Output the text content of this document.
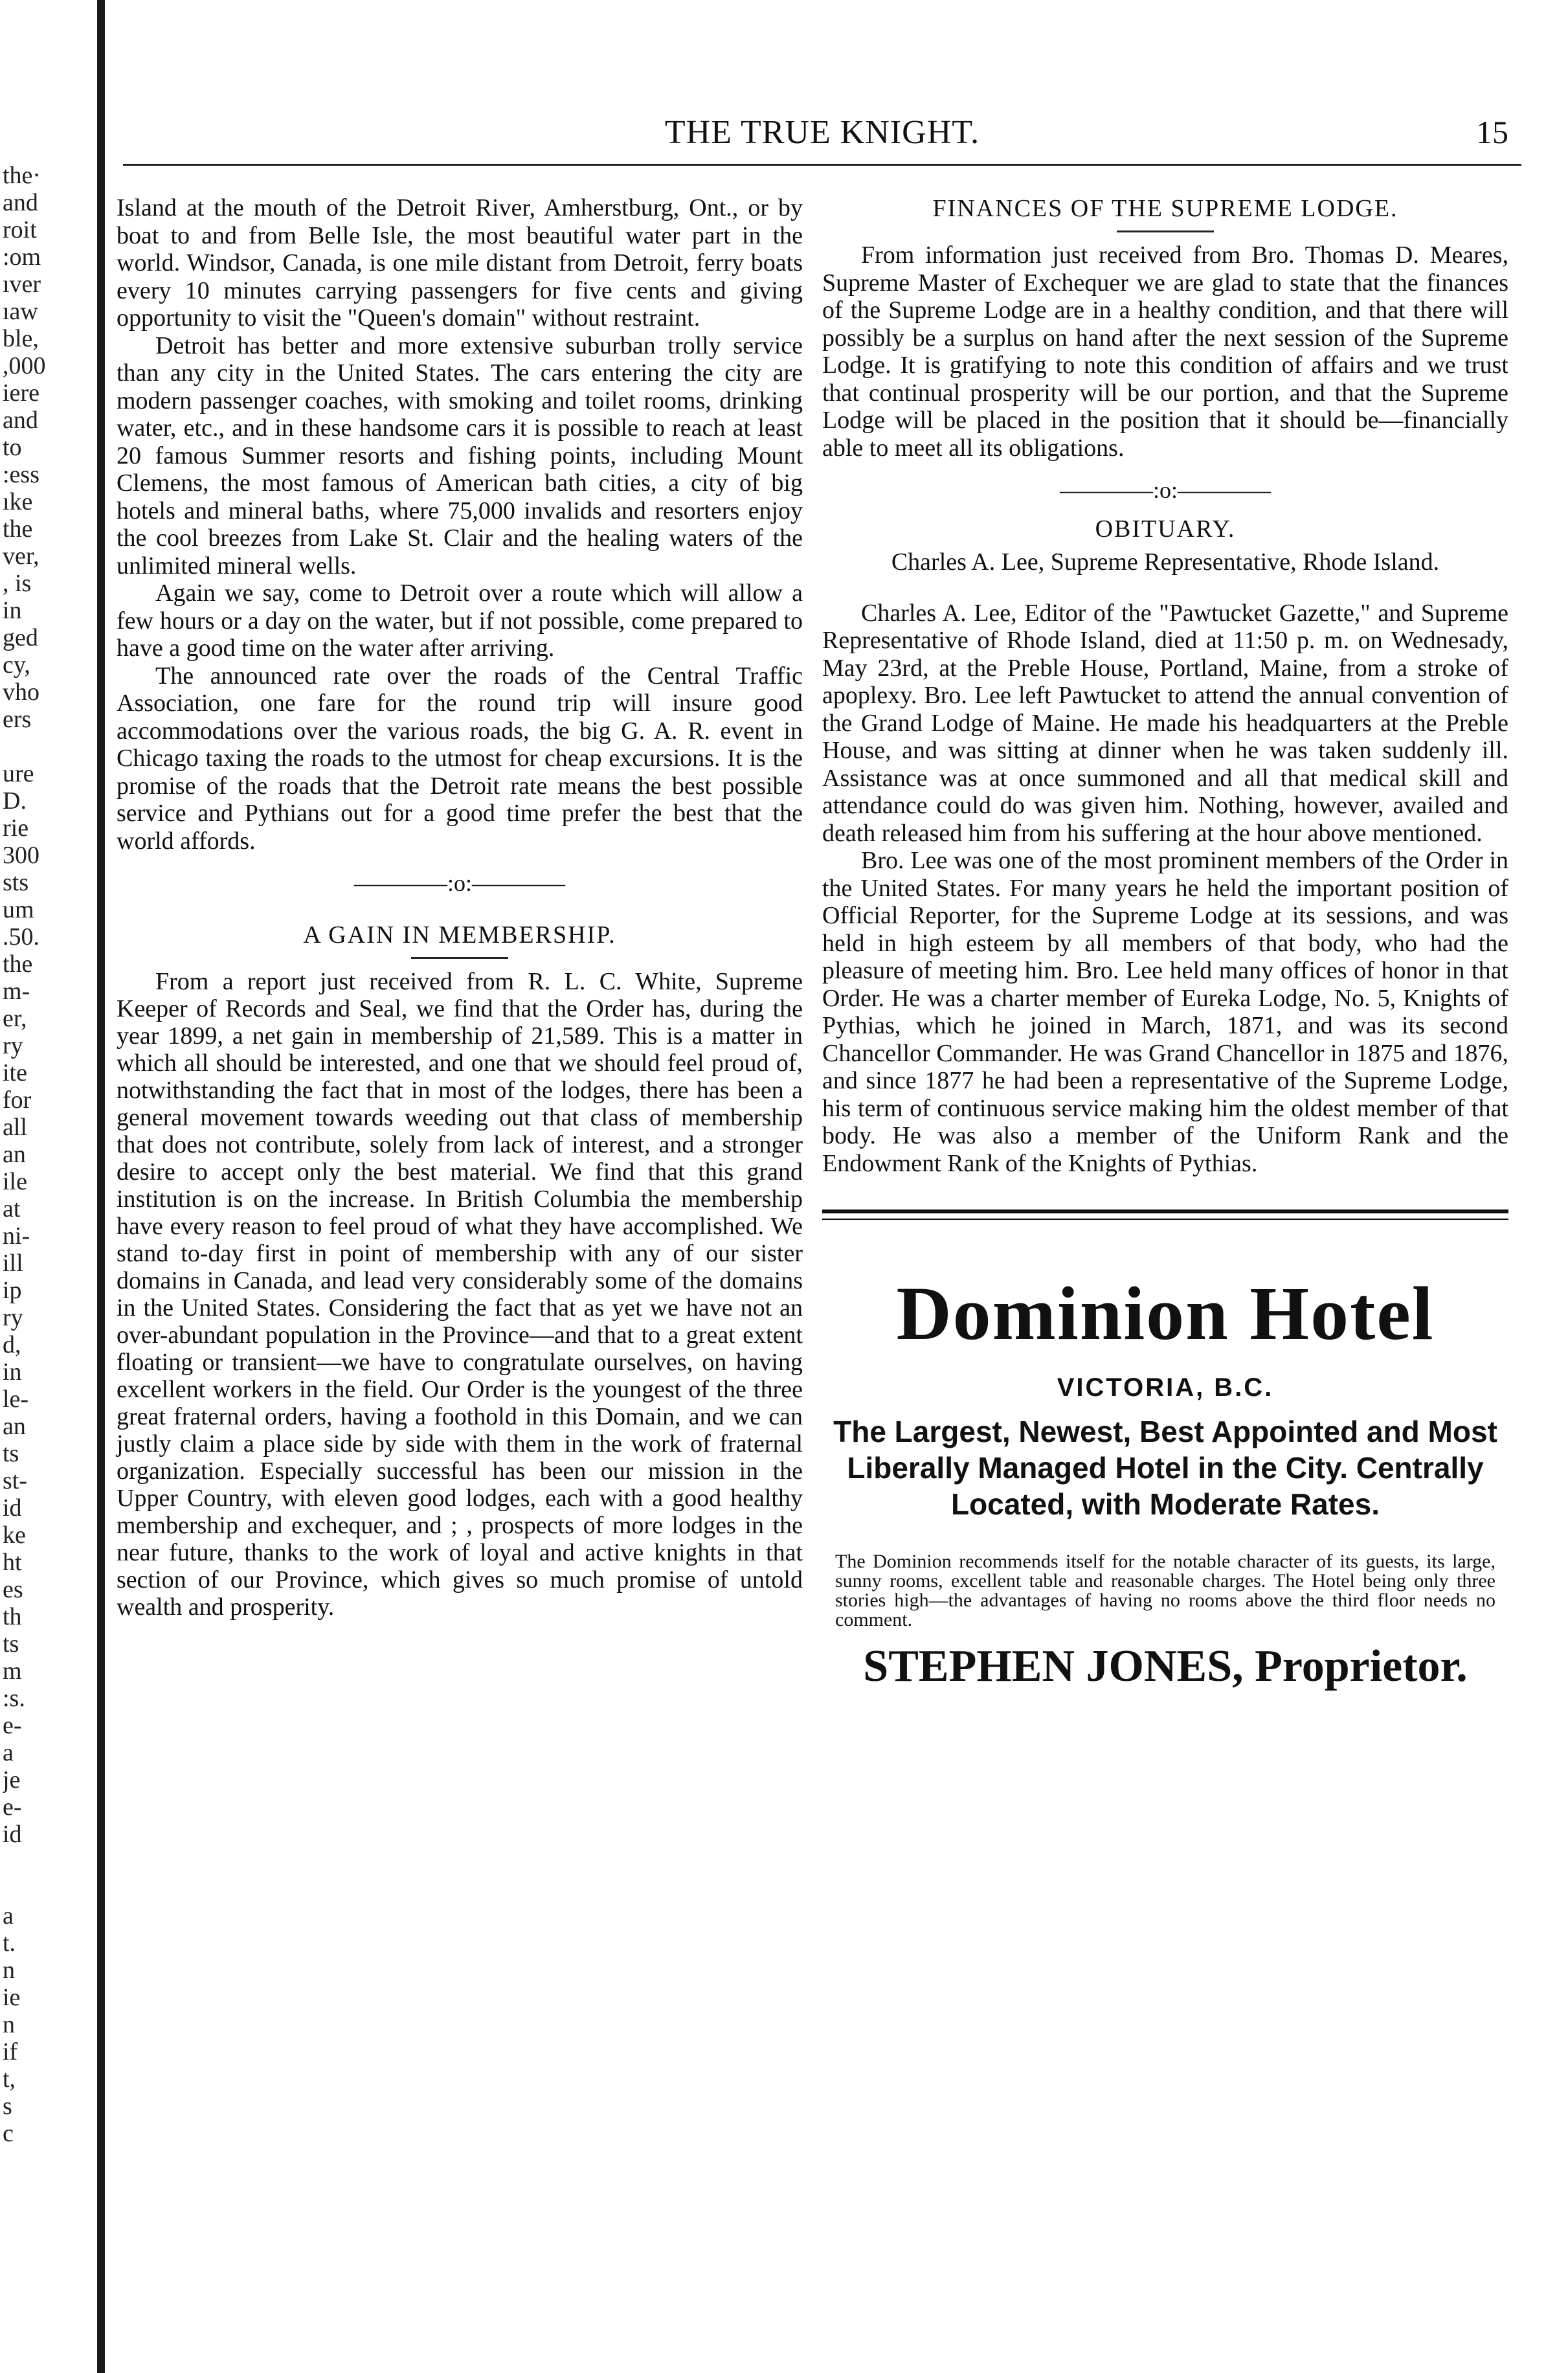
the·
and
roit
:om
ıver
ıaw
ble,
,000
iere
and
to
:ess
ıke
the
ver,
, is
in
ged
cy,
vho
ers
ure
D.
rie
300
sts
um
.50.
the
m-
er,
ry
ite
for
all
an
ile
at
ni-
ill
ip
ry
d,
in
le-
an
ts
st-
id
ke
ht
es
th
ts
m
:s.
e-
a
je
e-
id
a
t.
n
ie
n
if
t,
s
c
THE TRUE KNIGHT.	15

Island at the mouth of the Detroit River, Amherstburg, Ont., or by boat to and from Belle Isle, the most beautiful water part in the world. Windsor, Canada, is one mile distant from Detroit, ferry boats every 10 minutes carrying passengers for five cents and giving opportunity to visit the "Queen's domain" without restraint.

Detroit has better and more extensive suburban trolly service than any city in the United States. The cars entering the city are modern passenger coaches, with smoking and toilet rooms, drinking water, etc., and in these handsome cars it is possible to reach at least 20 famous Summer resorts and fishing points, including Mount Clemens, the most famous of American bath cities, a city of big hotels and mineral baths, where 75,000 invalids and resorters enjoy the cool breezes from Lake St. Clair and the healing waters of the unlimited mineral wells.

Again we say, come to Detroit over a route which will allow a few hours or a day on the water, but if not possible, come prepared to have a good time on the water after arriving.

The announced rate over the roads of the Central Traffic Association, one fare for the round trip will insure good accommodations over the various roads, the big G. A. R. event in Chicago taxing the roads to the utmost for cheap excursions. It is the promise of the roads that the Detroit rate means the best possible service and Pythians out for a good time prefer the best that the world affords.

————:o:————
A GAIN IN MEMBERSHIP.

From a report just received from R. L. C. White, Supreme Keeper of Records and Seal, we find that the Order has, during the year 1899, a net gain in membership of 21,589. This is a matter in which all should be interested, and one that we should feel proud of, notwithstanding the fact that in most of the lodges, there has been a general movement towards weeding out that class of membership that does not contribute, solely from lack of interest, and a stronger desire to accept only the best material. We find that this grand institution is on the increase. In British Columbia the membership have every reason to feel proud of what they have accomplished. We stand to-day first in point of membership with any of our sister domains in Canada, and lead very considerably some of the domains in the United States. Considering the fact that as yet we have not an over-abundant population in the Province—and that to a great extent floating or transient—we have to congratulate ourselves, on having excellent workers in the field. Our Order is the youngest of the three great fraternal orders, having a foothold in this Domain, and we can justly claim a place side by side with them in the work of fraternal organization. Especially successful has been our mission in the Upper Country, with eleven good lodges, each with a good healthy membership and exchequer, and ; , prospects of more lodges in the near future, thanks to the work of loyal and active knights in that section of our Province, which gives so much promise of untold wealth and prosperity.

FINANCES OF THE SUPREME LODGE.

From information just received from Bro. Thomas D. Meares, Supreme Master of Exchequer we are glad to state that the finances of the Supreme Lodge are in a healthy condition, and that there will possibly be a surplus on hand after the next session of the Supreme Lodge. It is gratifying to note this condition of affairs and we trust that continual prosperity will be our portion, and that the Supreme Lodge will be placed in the position that it should be—financially able to meet all its obligations.

————:o:————
OBITUARY.
Charles A. Lee, Supreme Representative, Rhode Island.

Charles A. Lee, Editor of the "Pawtucket Gazette," and Supreme Representative of Rhode Island, died at 11:50 p. m. on Wednesady, May 23rd, at the Preble House, Portland, Maine, from a stroke of apoplexy. Bro. Lee left Pawtucket to attend the annual convention of the Grand Lodge of Maine. He made his headquarters at the Preble House, and was sitting at dinner when he was taken suddenly ill. Assistance was at once summoned and all that medical skill and attendance could do was given him. Nothing, however, availed and death released him from his suffering at the hour above mentioned.

Bro. Lee was one of the most prominent members of the Order in the United States. For many years he held the important position of Official Reporter, for the Supreme Lodge at its sessions, and was held in high esteem by all members of that body, who had the pleasure of meeting him. Bro. Lee held many offices of honor in that Order. He was a charter member of Eureka Lodge, No. 5, Knights of Pythias, which he joined in March, 1871, and was its second Chancellor Commander. He was Grand Chancellor in 1875 and 1876, and since 1877 he had been a representative of the Supreme Lodge, his term of continuous service making him the oldest member of that body. He was also a member of the Uniform Rank and the Endowment Rank of the Knights of Pythias.

Dominion Hotel
VICTORIA, B.C.
The Largest, Newest, Best Appointed and Most Liberally Managed Hotel in the City. Centrally Located, with Moderate Rates.
The Dominion recommends itself for the notable character of its guests, its large, sunny rooms, excellent table and reasonable charges. The Hotel being only three stories high—the advantages of having no rooms above the third floor needs no comment.
STEPHEN JONES, Proprietor.
